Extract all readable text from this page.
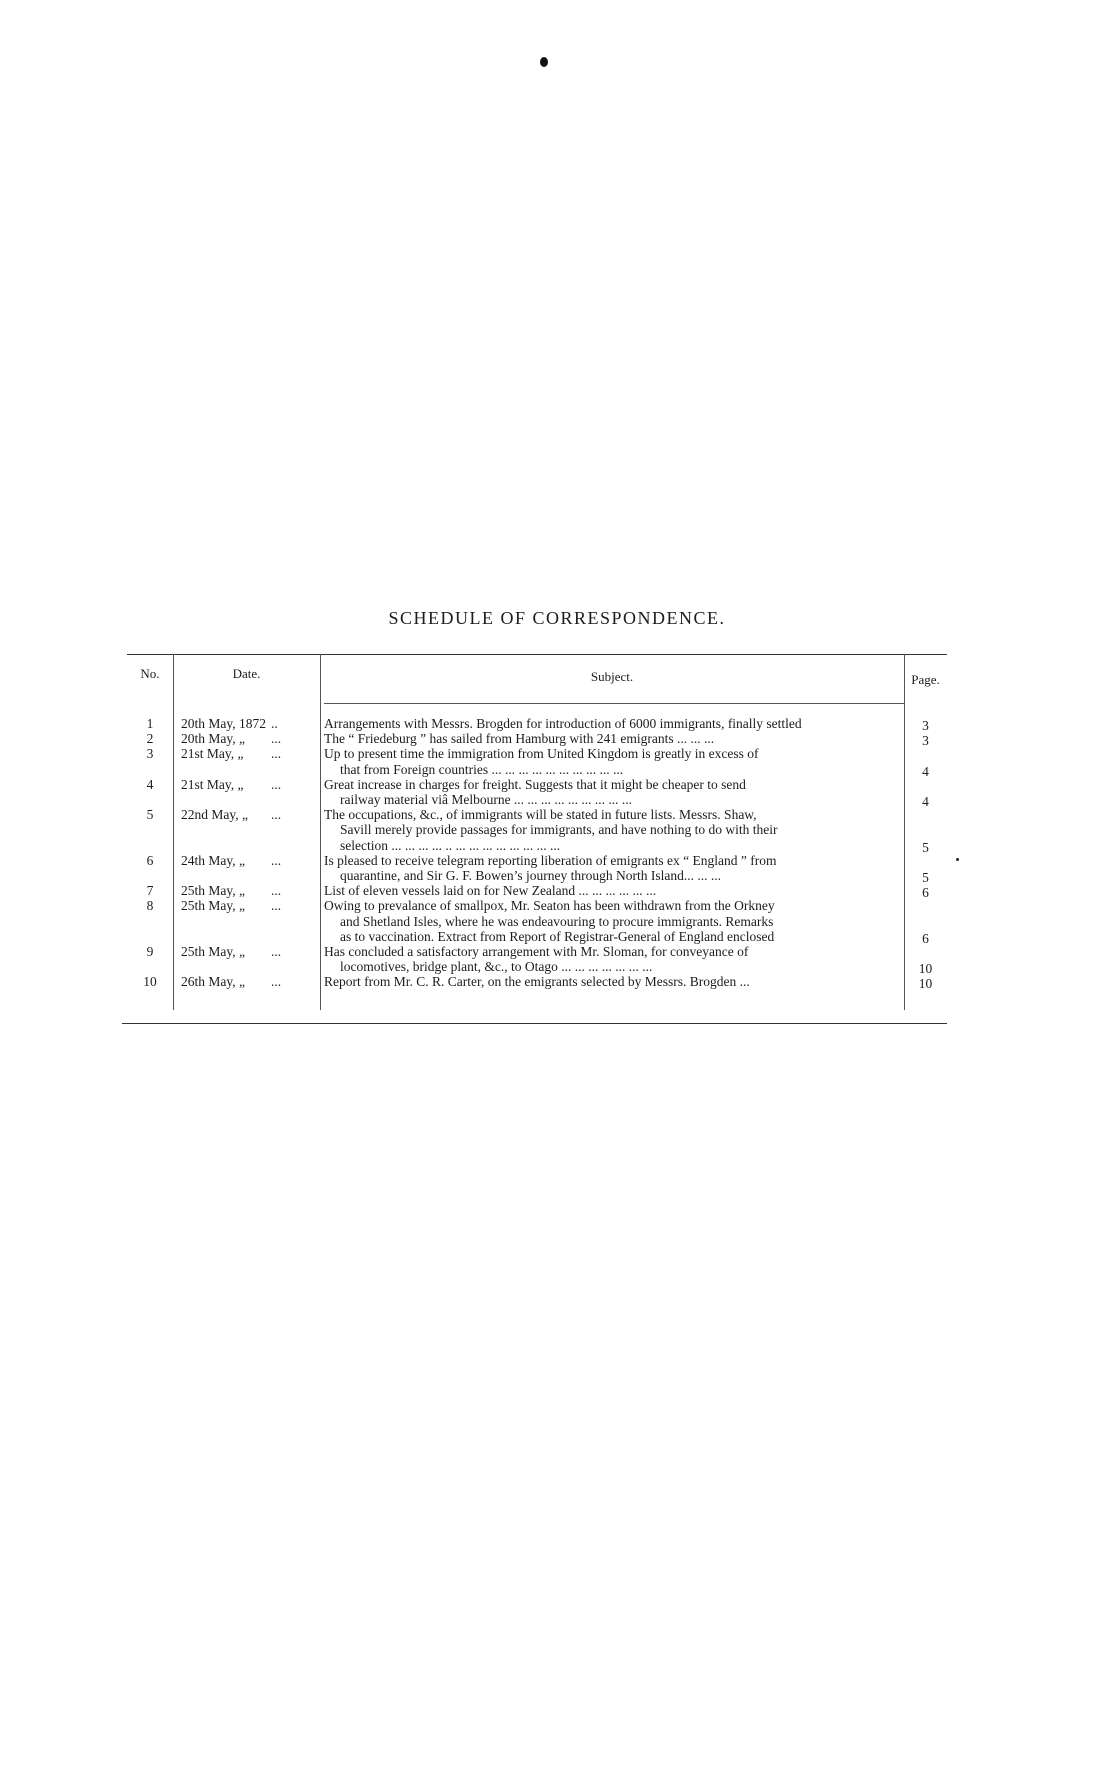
SCHEDULE OF CORRESPONDENCE.
No.	Date.	Subject.	Page.
1	20th May, 1872 ..	Arrangements with Messrs. Brogden for introduction of 6000 immigrants, finally settled	3
2	20th May, „ ...	The “ Friedeburg ” has sailed from Hamburg with 241 emigrants ... ... ...	3
3	21st May, „ ...	Up to present time the immigration from United Kingdom is greatly in excess of
that from Foreign countries ... ... ... ... ... ... ... ... ... ...	4
4	21st May, „ ...	Great increase in charges for freight. Suggests that it might be cheaper to send
railway material viâ Melbourne ... ... ... ... ... ... ... ... ...	4
5	22nd May, „ ...	The occupations, &c., of immigrants will be stated in future lists. Messrs. Shaw,
Savill merely provide passages for immigrants, and have nothing to do with their
selection ... ... ... ... .. ... ... ... ... ... ... ... ...	5
6	24th May, „ ...	Is pleased to receive telegram reporting liberation of emigrants ex “ England ” from
quarantine, and Sir G. F. Bowen’s journey through North Island... ... ...	5
7	25th May, „ ...	List of eleven vessels laid on for New Zealand ... ... ... ... ... ...	6
8	25th May, „ ...	Owing to prevalance of smallpox, Mr. Seaton has been withdrawn from the Orkney
and Shetland Isles, where he was endeavouring to procure immigrants. Remarks
as to vaccination. Extract from Report of Registrar-General of England enclosed	6
9	25th May, „ ...	Has concluded a satisfactory arrangement with Mr. Sloman, for conveyance of
locomotives, bridge plant, &c., to Otago ... ... ... ... ... ... ...	10
10	26th May, „ ...	Report from Mr. C. R. Carter, on the emigrants selected by Messrs. Brogden ...	10
